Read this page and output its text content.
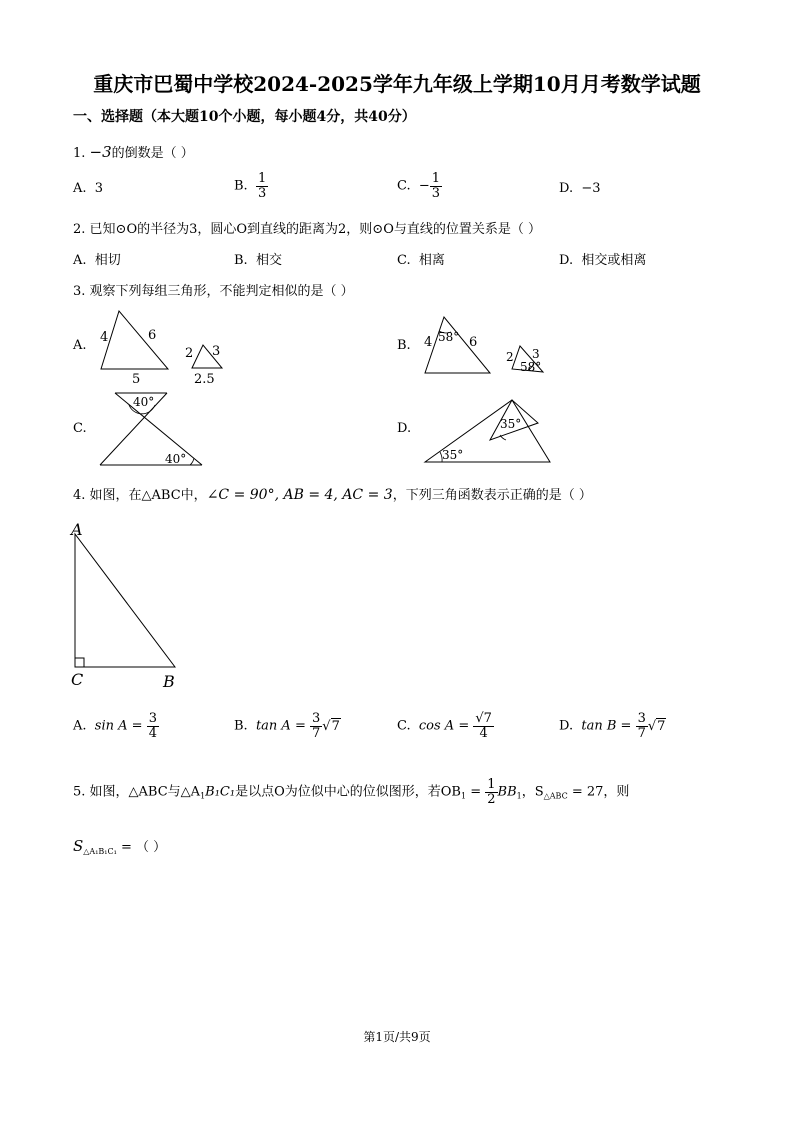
重庆市巴蜀中学校2024-2025学年九年级上学期10月月考数学试题
一、选择题（本大题10个小题，每小题4分，共40分）
1. −3的倒数是（ ）
A. 3	B. $\frac{1}{3}$	C. − $\frac{1}{3}$	D. −3
2. 已知⊙O的半径为3，圆心O到直线的距离为2，则⊙O与直线的位置关系是（ ）
A. 相切	B. 相交	C. 相离	D. 相交或相离
3. 观察下列每组三角形，不能判定相似的是（ ）
A.	B.
C.	D.
4	6
5
2 3
2.5
4 58° 6
2 3
58°
40°
40°	35°
35°
4. 如图，在△ABC中，∠C = 90°, AB = 4, AC = 3，下列三角函数表示正确的是（ ）
A
C	B
A. $\sin A = \frac{3}{4}$	B. $\tan A = \frac{3}{7} √7$	C. $\cos A = \frac{√7}{4}$	D. $\tan B = \frac{3}{7} √7$
5. 如图，△ABC与$\triangle A_1B_1C_1$是以点O为位似中心的位似图形，若$OB_1 = \frac{1}{2} BB_1$，$S_{\triangle ABC} = 27$，则
$S_{\triangle A_1B_1C_1}$ = （ ）
第1页/共9页
